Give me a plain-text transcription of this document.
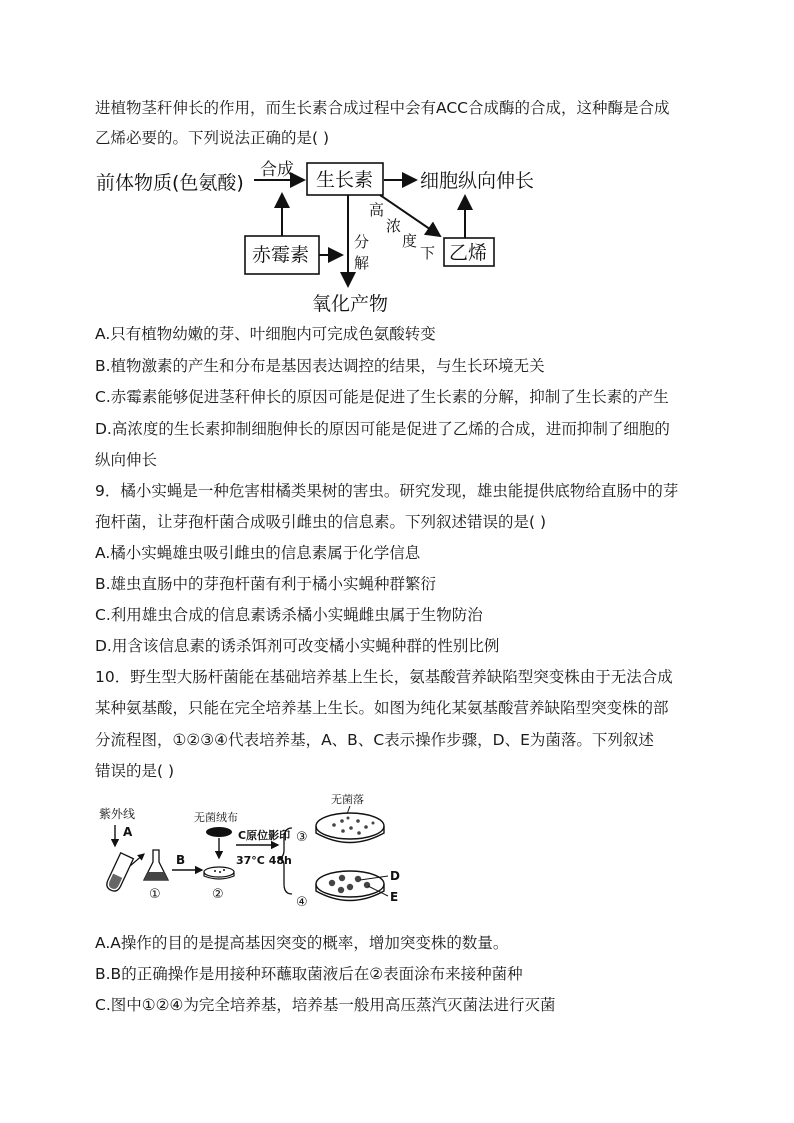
进植物茎秆伸长的作用，而生长素合成过程中会有ACC合成酶的合成，这种酶是合成
乙烯必要的。下列说法正确的是( )
前体物质(色氨酸)
合成 生长素 细胞纵向伸长
赤霉素
分
解
氧化产物
高
浓
度
下 乙烯
A.只有植物幼嫩的芽、叶细胞内可完成色氨酸转变
B.植物激素的产生和分布是基因表达调控的结果，与生长环境无关
C.赤霉素能够促进茎秆伸长的原因可能是促进了生长素的分解，抑制了生长素的产生
D.高浓度的生长素抑制细胞伸长的原因可能是促进了乙烯的合成，进而抑制了细胞的
纵向伸长
9．橘小实蝇是一种危害柑橘类果树的害虫。研究发现，雄虫能提供底物给直肠中的芽
孢杆菌，让芽孢杆菌合成吸引雌虫的信息素。下列叙述错误的是( )
A.橘小实蝇雄虫吸引雌虫的信息素属于化学信息
B.雄虫直肠中的芽孢杆菌有利于橘小实蝇种群繁衍
C.利用雄虫合成的信息素诱杀橘小实蝇雌虫属于生物防治
D.用含该信息素的诱杀饵剂可改变橘小实蝇种群的性别比例
10．野生型大肠杆菌能在基础培养基上生长，氨基酸营养缺陷型突变株由于无法合成
某种氨基酸，只能在完全培养基上生长。如图为纯化某氨基酸营养缺陷型突变株的部
分流程图，①②③④代表培养基，A、B、C表示操作步骤，D、E为菌落。下列叙述
错误的是( )
紫外线
A
①
B
无菌绒布
②
C原位影印
37°C 48h
③
④
无菌落
D
E
A.A操作的目的是提高基因突变的概率，增加突变株的数量。
B.B的正确操作是用接种环蘸取菌液后在②表面涂布来接种菌种
C.图中①②④为完全培养基，培养基一般用高压蒸汽灭菌法进行灭菌
